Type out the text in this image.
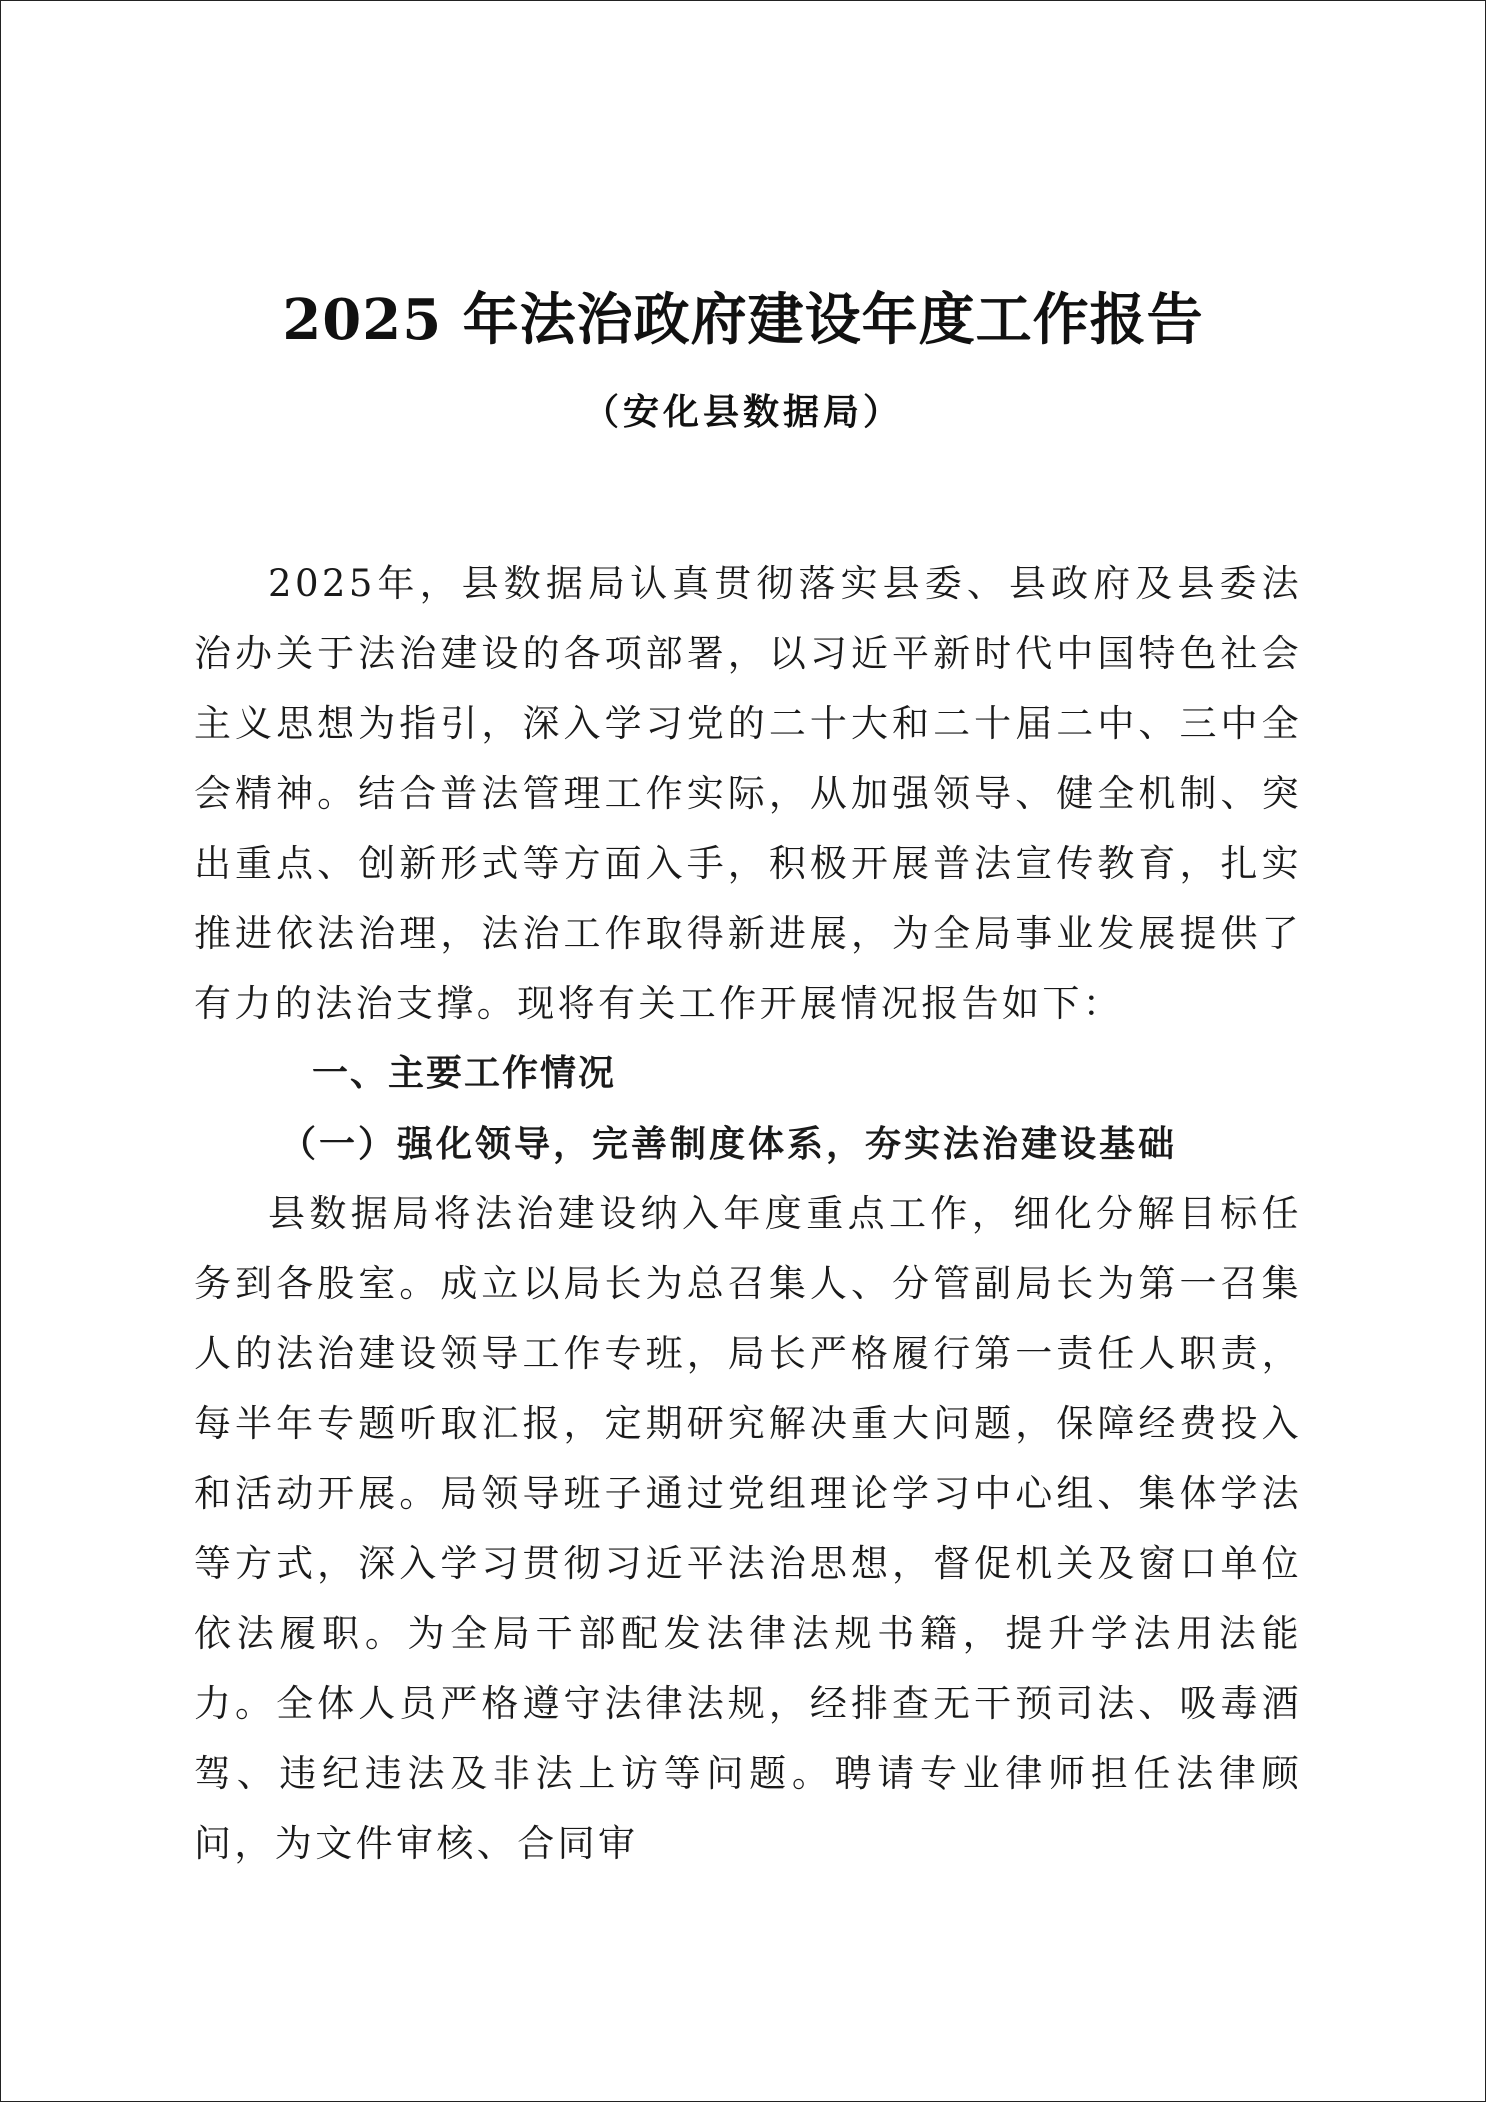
2025 年法治政府建设年度工作报告
（安化县数据局）

2025年，县数据局认真贯彻落实县委、县政府及县委法治办关于法治建设的各项部署，以习近平新时代中国特色社会主义思想为指引，深入学习党的二十大和二十届二中、三中全会精神。结合普法管理工作实际，从加强领导、健全机制、突出重点、创新形式等方面入手，积极开展普法宣传教育，扎实推进依法治理，法治工作取得新进展，为全局事业发展提供了有力的法治支撑。现将有关工作开展情况报告如下：

一、主要工作情况

（一）强化领导，完善制度体系，夯实法治建设基础

县数据局将法治建设纳入年度重点工作，细化分解目标任务到各股室。成立以局长为总召集人、分管副局长为第一召集人的法治建设领导工作专班，局长严格履行第一责任人职责，每半年专题听取汇报，定期研究解决重大问题，保障经费投入和活动开展。局领导班子通过党组理论学习中心组、集体学法等方式，深入学习贯彻习近平法治思想，督促机关及窗口单位依法履职。为全局干部配发法律法规书籍，提升学法用法能力。全体人员严格遵守法律法规，经排查无干预司法、吸毒酒驾、违纪违法及非法上访等问题。聘请专业律师担任法律顾问，为文件审核、合同审
